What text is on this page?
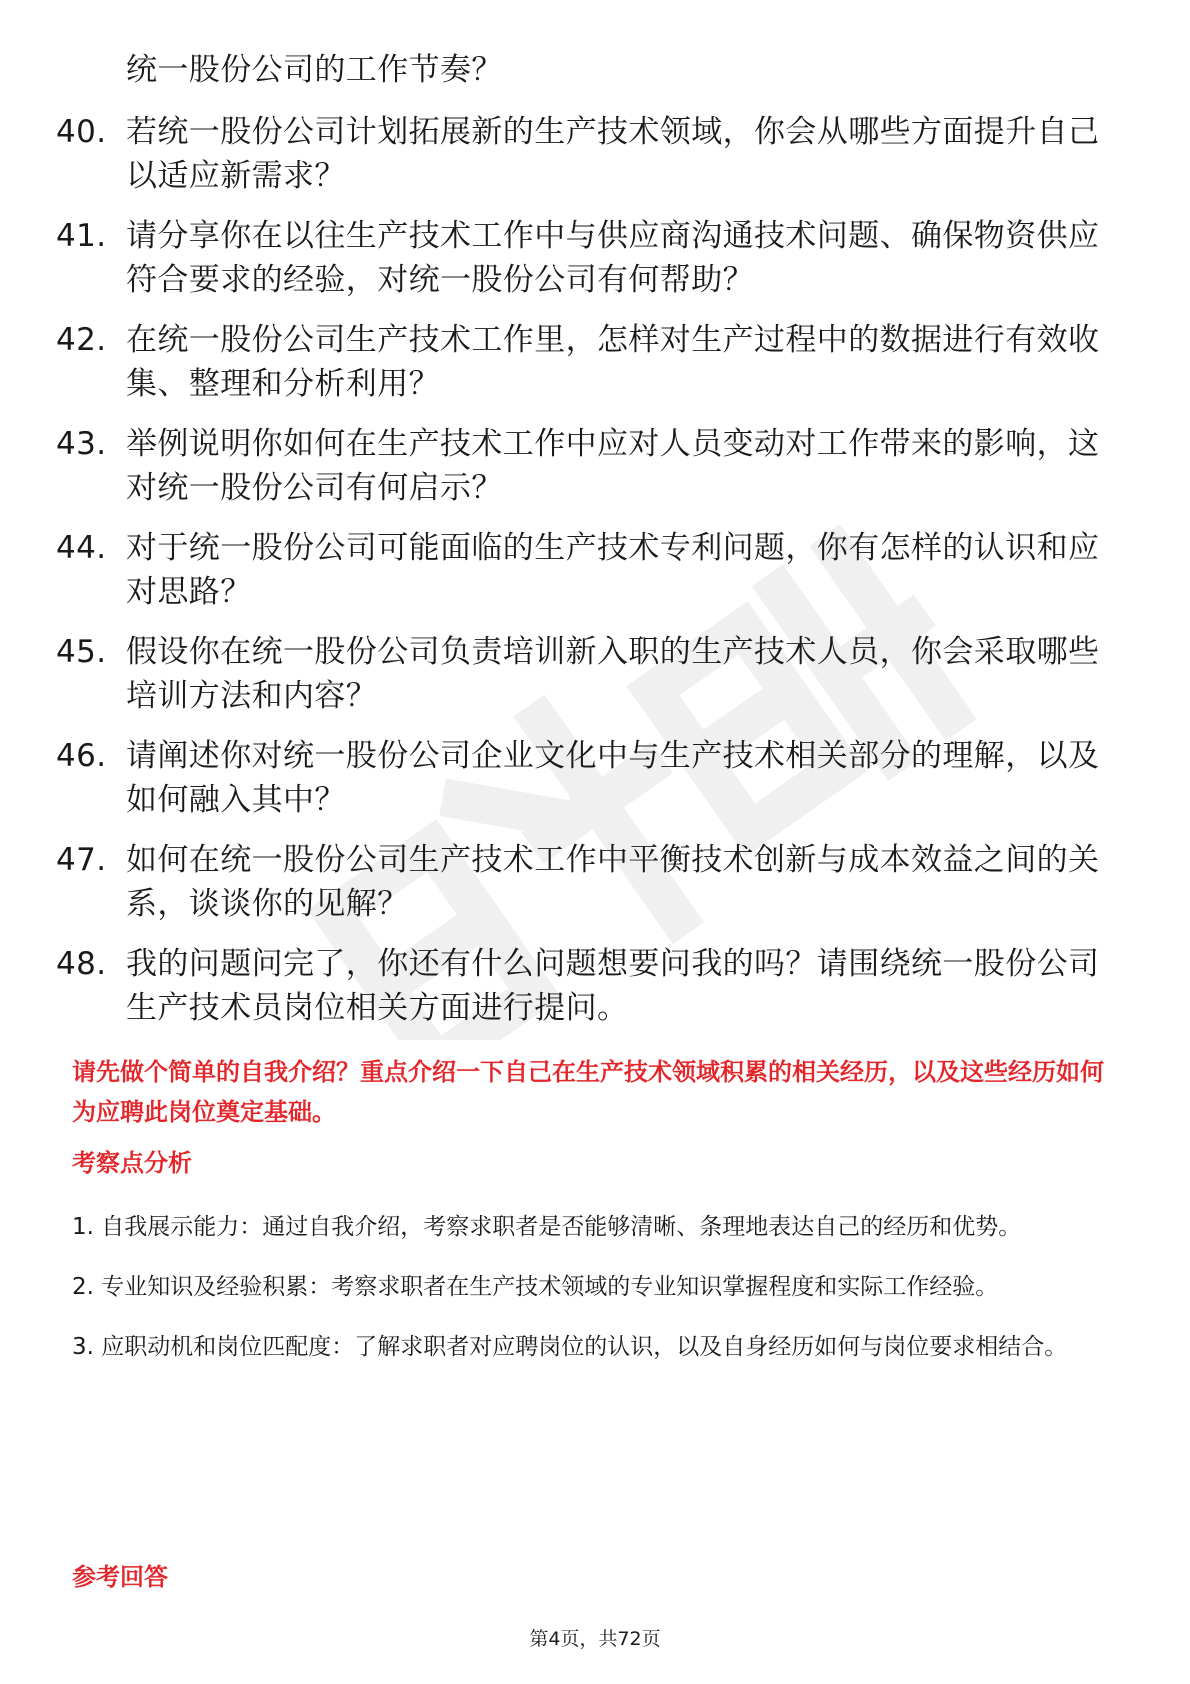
统一股份公司的工作节奏？
40. 若统一股份公司计划拓展新的生产技术领域，你会从哪些方面提升自己以适应新需求？
41. 请分享你在以往生产技术工作中与供应商沟通技术问题、确保物资供应符合要求的经验，对统一股份公司有何帮助？
42. 在统一股份公司生产技术工作里，怎样对生产过程中的数据进行有效收集、整理和分析利用？
43. 举例说明你如何在生产技术工作中应对人员变动对工作带来的影响，这对统一股份公司有何启示？
44. 对于统一股份公司可能面临的生产技术专利问题，你有怎样的认识和应对思路？
45. 假设你在统一股份公司负责培训新入职的生产技术人员，你会采取哪些培训方法和内容？
46. 请阐述你对统一股份公司企业文化中与生产技术相关部分的理解，以及如何融入其中？
47. 如何在统一股份公司生产技术工作中平衡技术创新与成本效益之间的关系，谈谈你的见解？
48. 我的问题问完了，你还有什么问题想要问我的吗？请围绕统一股份公司生产技术员岗位相关方面进行提问。
请先做个简单的自我介绍？重点介绍一下自己在生产技术领域积累的相关经历，以及这些经历如何为应聘此岗位奠定基础。
考察点分析
1. 自我展示能力：通过自我介绍，考察求职者是否能够清晰、条理地表达自己的经历和优势。
2. 专业知识及经验积累：考察求职者在生产技术领域的专业知识掌握程度和实际工作经验。
3. 应职动机和岗位匹配度：了解求职者对应聘岗位的认识，以及自身经历如何与岗位要求相结合。
参考回答
第4页，共72页
